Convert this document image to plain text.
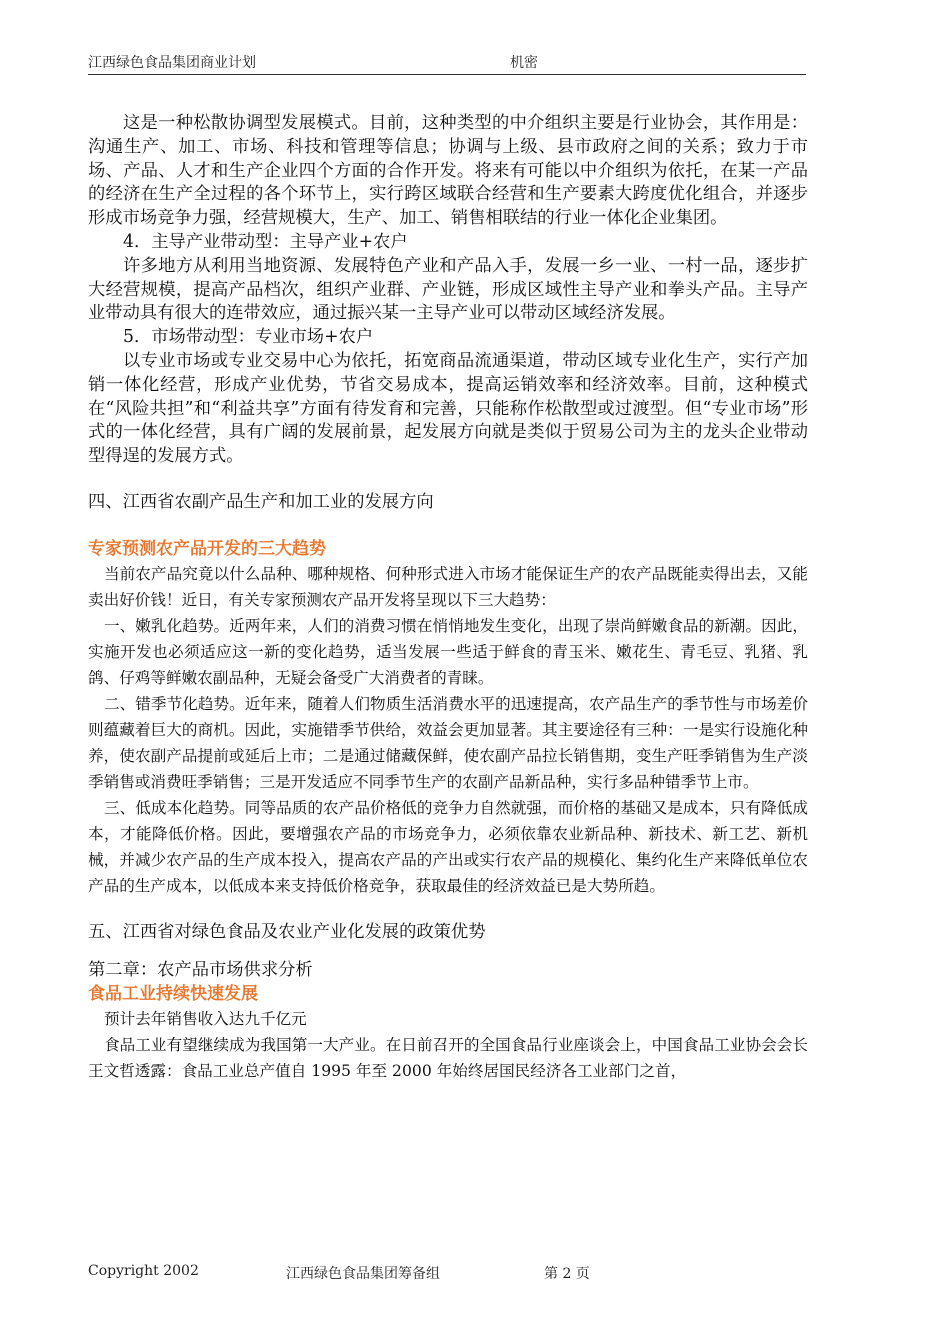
江西绿色食品集团商业计划	机密

这是一种松散协调型发展模式。目前，这种类型的中介组织主要是行业协会，其作用是：沟通生产、加工、市场、科技和管理等信息；协调与上级、县市政府之间的关系；致力于市场、产品、人才和生产企业四个方面的合作开发。将来有可能以中介组织为依托，在某一产品的经济在生产全过程的各个环节上，实行跨区域联合经营和生产要素大跨度优化组合，并逐步形成市场竞争力强，经营规模大，生产、加工、销售相联结的行业一体化企业集团。

4．主导产业带动型：主导产业+农户

许多地方从利用当地资源、发展特色产业和产品入手，发展一乡一业、一村一品，逐步扩大经营规模，提高产品档次，组织产业群、产业链，形成区域性主导产业和拳头产品。主导产业带动具有很大的连带效应，通过振兴某一主导产业可以带动区域经济发展。

5．市场带动型：专业市场+农户

以专业市场或专业交易中心为依托，拓宽商品流通渠道，带动区域专业化生产，实行产加销一体化经营，形成产业优势，节省交易成本，提高运销效率和经济效率。目前，这种模式在“风险共担”和“利益共享”方面有待发育和完善，只能称作松散型或过渡型。但“专业市场”形式的一体化经营，具有广阔的发展前景，起发展方向就是类似于贸易公司为主的龙头企业带动型得逞的发展方式。

四、江西省农副产品生产和加工业的发展方向

专家预测农产品开发的三大趋势

当前农产品究竟以什么品种、哪种规格、何种形式进入市场才能保证生产的农产品既能卖得出去，又能卖出好价钱！近日，有关专家预测农产品开发将呈现以下三大趋势：

一、嫩乳化趋势。近两年来，人们的消费习惯在悄悄地发生变化，出现了崇尚鲜嫩食品的新潮。因此，实施开发也必须适应这一新的变化趋势，适当发展一些适于鲜食的青玉米、嫩花生、青毛豆、乳猪、乳鸽、仔鸡等鲜嫩农副品种，无疑会备受广大消费者的青睐。

二、错季节化趋势。近年来，随着人们物质生活消费水平的迅速提高，农产品生产的季节性与市场差价则蕴藏着巨大的商机。因此，实施错季节供给，效益会更加显著。其主要途径有三种：一是实行设施化种养，使农副产品提前或延后上市；二是通过储藏保鲜，使农副产品拉长销售期，变生产旺季销售为生产淡季销售或消费旺季销售；三是开发适应不同季节生产的农副产品新品种，实行多品种错季节上市。

三、低成本化趋势。同等品质的农产品价格低的竞争力自然就强，而价格的基础又是成本，只有降低成本，才能降低价格。因此，要增强农产品的市场竞争力，必须依靠农业新品种、新技术、新工艺、新机械，并减少农产品的生产成本投入，提高农产品的产出或实行农产品的规模化、集约化生产来降低单位农产品的生产成本，以低成本来支持低价格竞争，获取最佳的经济效益已是大势所趋。

五、江西省对绿色食品及农业产业化发展的政策优势

第二章：农产品市场供求分析

食品工业持续快速发展

预计去年销售收入达九千亿元

食品工业有望继续成为我国第一大产业。在日前召开的全国食品行业座谈会上，中国食品工业协会会长王文哲透露：食品工业总产值自 1995 年至 2000 年始终居国民经济各工业部门之首，

Copyright 2002	江西绿色食品集团筹备组	第 2 页
